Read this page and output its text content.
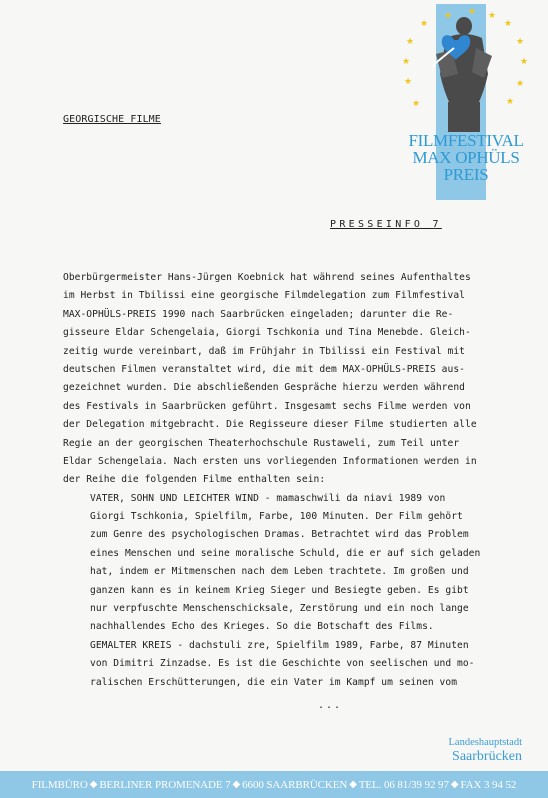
★ ★
★
★
★
★
★
★
★
★
★
★
★
FILMFESTIVAL
MAX OPHÜLS
PREIS
GEORGISCHE FILME
PRESSEINFO 7
Oberbürgermeister Hans-Jürgen Koebnick hat während seines Aufenthaltes
im Herbst in Tbilissi eine georgische Filmdelegation zum Filmfestival
MAX-OPHÜLS-PREIS 1990 nach Saarbrücken eingeladen; darunter die Re-
gisseure Eldar Schengelaia, Giorgi Tschkonia und Tina Menebde. Gleich-
zeitig wurde vereinbart, daß im Frühjahr in Tbilissi ein Festival mit
deutschen Filmen veranstaltet wird, die mit dem MAX-OPHÜLS-PREIS aus-
gezeichnet wurden. Die abschließenden Gespräche hierzu werden während
des Festivals in Saarbrücken geführt. Insgesamt sechs Filme werden von
der Delegation mitgebracht. Die Regisseure dieser Filme studierten alle
Regie an der georgischen Theaterhochschule Rustaweli, zum Teil unter
Eldar Schengelaia. Nach ersten uns vorliegenden Informationen werden in
der Reihe die folgenden Filme enthalten sein:
VATER, SOHN UND LEICHTER WIND - mamaschwili da niavi 1989 von
Giorgi Tschkonia, Spielfilm, Farbe, 100 Minuten. Der Film gehört
zum Genre des psychologischen Dramas. Betrachtet wird das Problem
eines Menschen und seine moralische Schuld, die er auf sich geladen
hat, indem er Mitmenschen nach dem Leben trachtete. Im großen und
ganzen kann es in keinem Krieg Sieger und Besiegte geben. Es gibt
nur verpfuschte Menschenschicksale, Zerstörung und ein noch lange
nachhallendes Echo des Krieges. So die Botschaft des Films.
GEMALTER KREIS - dachstuli zre, Spielfilm 1989, Farbe, 87 Minuten
von Dimitri Zinzadse. Es ist die Geschichte von seelischen und mo-
ralischen Erschütterungen, die ein Vater im Kampf um seinen vom
...
Landeshauptstadt
Saarbrücken
FILMBÜRO ◆ BERLINER PROMENADE 7 ◆ 6600 SAARBRÜCKEN ◆ TEL. 06 81/39 92 97 ◆ FAX 3 94 52
